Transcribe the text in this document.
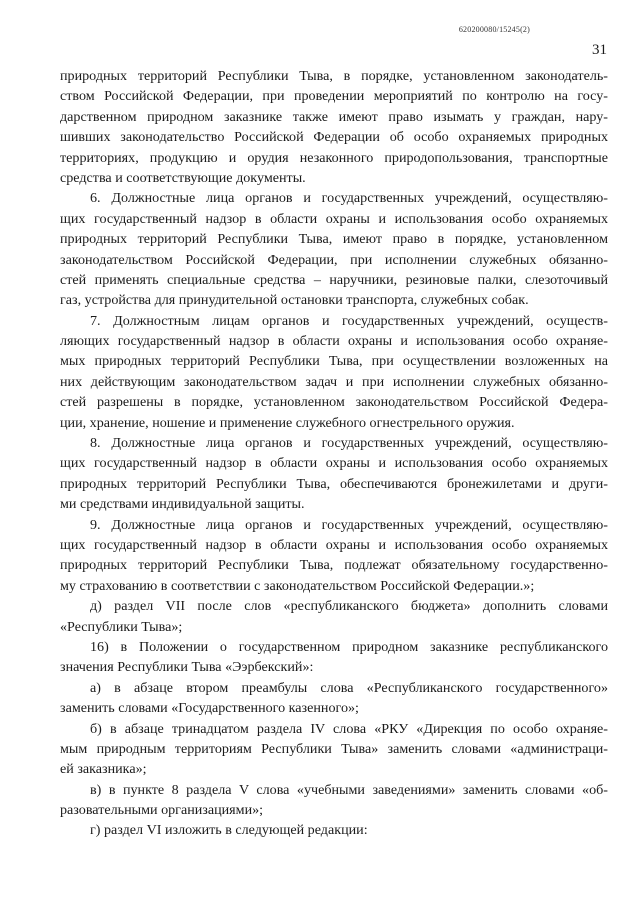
620200080/15245(2)
31
природных территорий Республики Тыва, в порядке, установленном законодатель-
ством Российской Федерации, при проведении мероприятий по контролю на госу-
дарственном природном заказнике также имеют право изымать у граждан, нару-
шивших законодательство Российской Федерации об особо охраняемых природных
территориях, продукцию и орудия незаконного природопользования, транспортные
средства и соответствующие документы.
6. Должностные лица органов и государственных учреждений, осуществляю-
щих государственный надзор в области охраны и использования особо охраняемых
природных территорий Республики Тыва, имеют право в порядке, установленном
законодательством Российской Федерации, при исполнении служебных обязанно-
стей применять специальные средства – наручники, резиновые палки, слезоточивый
газ, устройства для принудительной остановки транспорта, служебных собак.
7. Должностным лицам органов и государственных учреждений, осуществ-
ляющих государственный надзор в области охраны и использования особо охраняе-
мых природных территорий Республики Тыва, при осуществлении возложенных на
них действующим законодательством задач и при исполнении служебных обязанно-
стей разрешены в порядке, установленном законодательством Российской Федера-
ции, хранение, ношение и применение служебного огнестрельного оружия.
8. Должностные лица органов и государственных учреждений, осуществляю-
щих государственный надзор в области охраны и использования особо охраняемых
природных территорий Республики Тыва, обеспечиваются бронежилетами и други-
ми средствами индивидуальной защиты.
9. Должностные лица органов и государственных учреждений, осуществляю-
щих государственный надзор в области охраны и использования особо охраняемых
природных территорий Республики Тыва, подлежат обязательному государственно-
му страхованию в соответствии с законодательством Российской Федерации.»;
д) раздел VII после слов «республиканского бюджета» дополнить словами
«Республики Тыва»;
16) в Положении о государственном природном заказнике республиканского
значения Республики Тыва «Ээрбекский»:
а) в абзаце втором преамбулы слова «Республиканского государственного»
заменить словами «Государственного казенного»;
б) в абзаце тринадцатом раздела IV слова «РКУ «Дирекция по особо охраняе-
мым природным территориям Республики Тыва» заменить словами «администраци-
ей заказника»;
в) в пункте 8 раздела V слова «учебными заведениями» заменить словами «об-
разовательными организациями»;
г) раздел VI изложить в следующей редакции:
